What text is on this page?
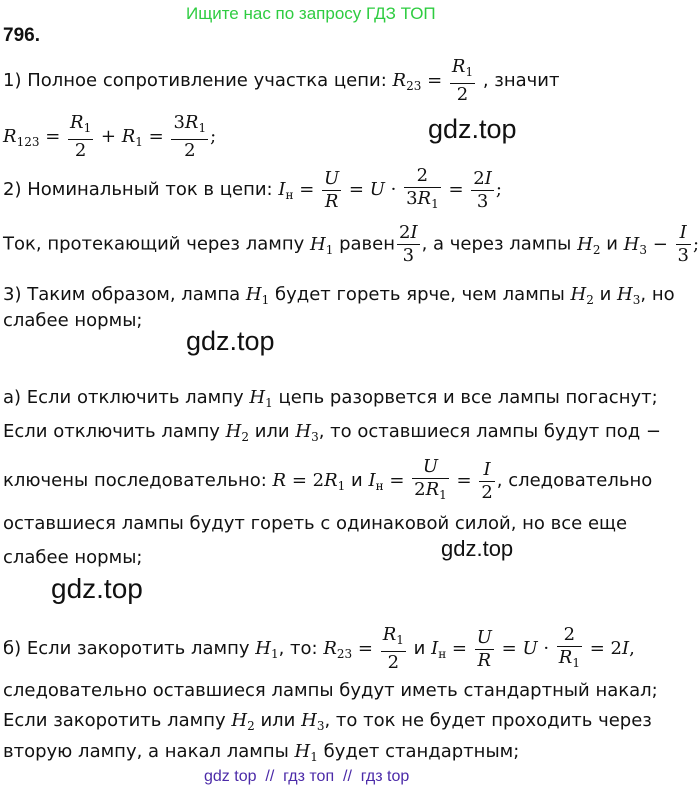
Ищите нас по запросу ГДЗ ТОП
796.
1) Полное сопротивление участка цепи: $R_{23} = \frac{R_1}{2}$ , значит
$R_{123} = \frac{R_1}{2} + R_1 = \frac{3R_1}{2}$ ;	gdz.top
2) Номинальный ток в цепи: $I_н = \frac{U}{R} = U \cdot \frac{2}{3R_1} = \frac{2I}{3}$ ;
Ток, протекающий через лампу $H_1$ равен $\frac{2I}{3}$ , а через лампы $H_2$ и $H_3 - \frac{I}{3}$ ;
3) Таким образом, лампа $H_1$ будет гореть ярче, чем лампы $H_2$ и $H_3$, но
слабее нормы;
gdz.top
а) Если отключить лампу $H_1$ цепь разорвется и все лампы погаснут;
Если отключить лампу $H_2$ или $H_3$, то оставшиеся лампы будут под −
ключены последовательно: $R = 2R_1$ и $I_н = \frac{U}{2R_1} = \frac{I}{2}$ , следовательно
оставшиеся лампы будут гореть с одинаковой силой, но все еще
слабее нормы;	gdz.top
gdz.top
б) Если закоротить лампу $H_1$, то: $R_{23} = \frac{R_1}{2}$ и $I_н = \frac{U}{R} = U \cdot \frac{2}{R_1} = 2I$,
следовательно оставшиеся лампы будут иметь стандартный накал;
Если закоротить лампу $H_2$ или $H_3$, то ток не будет проходить через
вторую лампу, а накал лампы $H_1$ будет стандартным;
gdz top  //  гдз топ  //  гдз top
